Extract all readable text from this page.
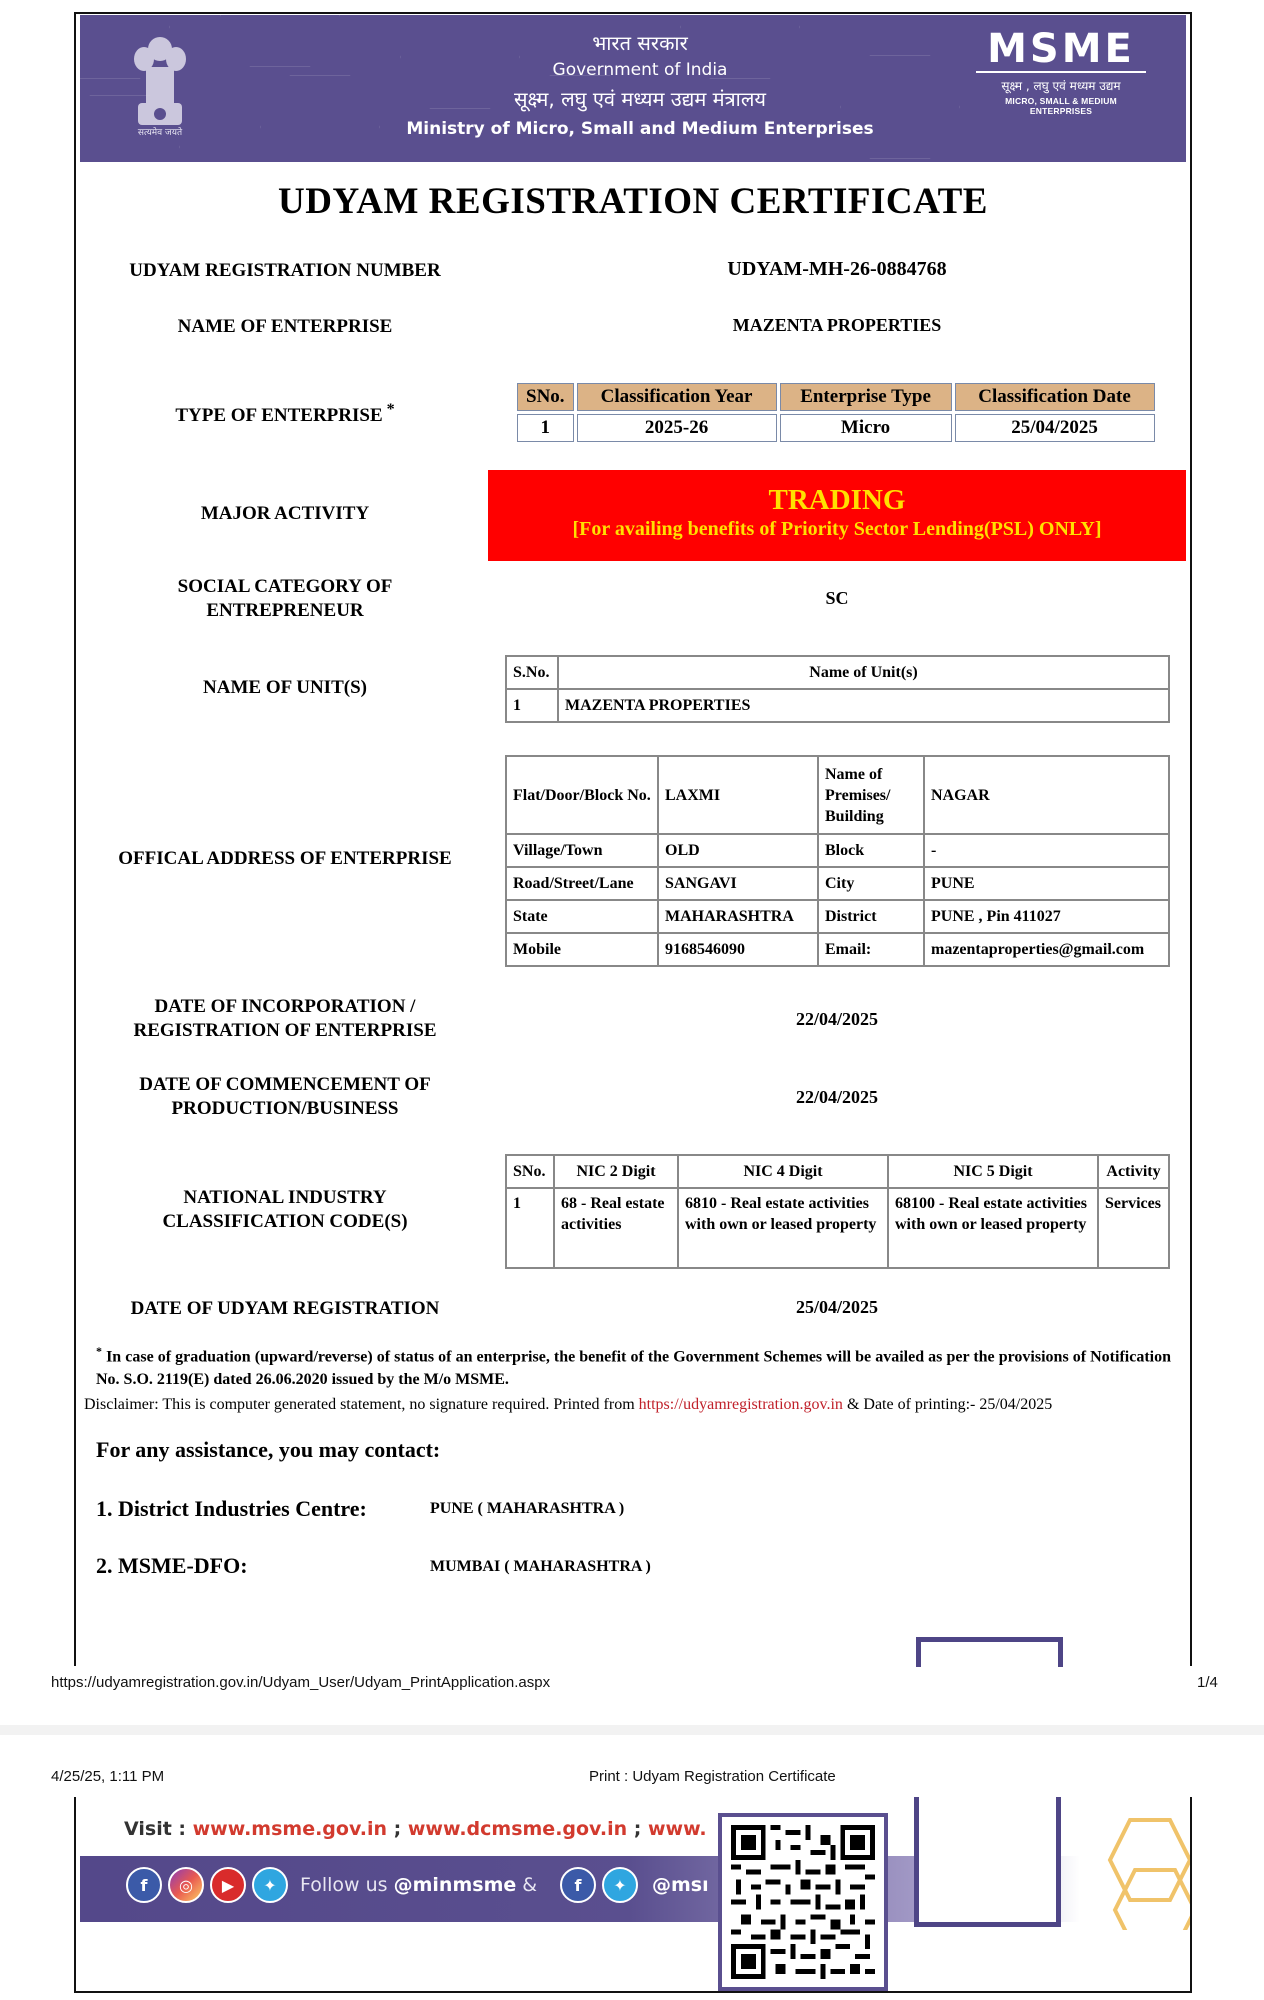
सत्यमेव जयते
भारत सरकार
Government of India
सूक्ष्म, लघु एवं मध्यम उद्यम मंत्रालय
Ministry of Micro, Small and Medium Enterprises
MSME
सूक्ष्म , लघु एवं मध्यम उद्यम
MICRO, SMALL & MEDIUM ENTERPRISES
UDYAM REGISTRATION CERTIFICATE
UDYAM REGISTRATION NUMBER	UDYAM-MH-26-0884768
NAME OF ENTERPRISE	MAZENTA PROPERTIES
TYPE OF ENTERPRISE *
SNo.	Classification Year	Enterprise Type	Classification Date
1	2025-26	Micro	25/04/2025
MAJOR ACTIVITY	TRADING
[For availing benefits of Priority Sector Lending(PSL) ONLY]
SOCIAL CATEGORY OF
ENTREPRENEUR
SC
NAME OF UNIT(S)
S.No.	Name of Unit(s)
1	MAZENTA PROPERTIES
OFFICAL ADDRESS OF ENTERPRISE
Flat/Door/Block No.	LAXMI	Name of Premises/ Building	NAGAR
Village/Town	OLD	Block	-
Road/Street/Lane	SANGAVI	City	PUNE
State	MAHARASHTRA	District	PUNE , Pin 411027
Mobile	9168546090	Email:	mazentaproperties@gmail.com
DATE OF INCORPORATION /
REGISTRATION OF ENTERPRISE
22/04/2025
DATE OF COMMENCEMENT OF
PRODUCTION/BUSINESS
22/04/2025
NATIONAL INDUSTRY
CLASSIFICATION CODE(S)
SNo.	NIC 2 Digit	NIC 4 Digit	NIC 5 Digit	Activity
1	68 - Real estate activities	6810 - Real estate activities with own or leased property	68100 - Real estate activities with own or leased property	Services
DATE OF UDYAM REGISTRATION	25/04/2025
* In case of graduation (upward/reverse) of status of an enterprise, the benefit of the Government Schemes will be availed as per the provisions of Notification No. S.O. 2119(E) dated 26.06.2020 issued by the M/o MSME.
Disclaimer: This is computer generated statement, no signature required. Printed from https://udyamregistration.gov.in & Date of printing:- 25/04/2025
For any assistance, you may contact:
1. District Industries Centre:	PUNE ( MAHARASHTRA )
2. MSME-DFO:	MUMBAI ( MAHARASHTRA )
https://udyamregistration.gov.in/Udyam_User/Udyam_PrintApplication.aspx	1/4
4/25/25, 1:11 PM	Print : Udyam Registration Certificate
Visit : www.msme.gov.in ; www.dcmsme.gov.in ; www.
f	◎	▶	✦	Follow us @minmsme &	f	✦	@msı
